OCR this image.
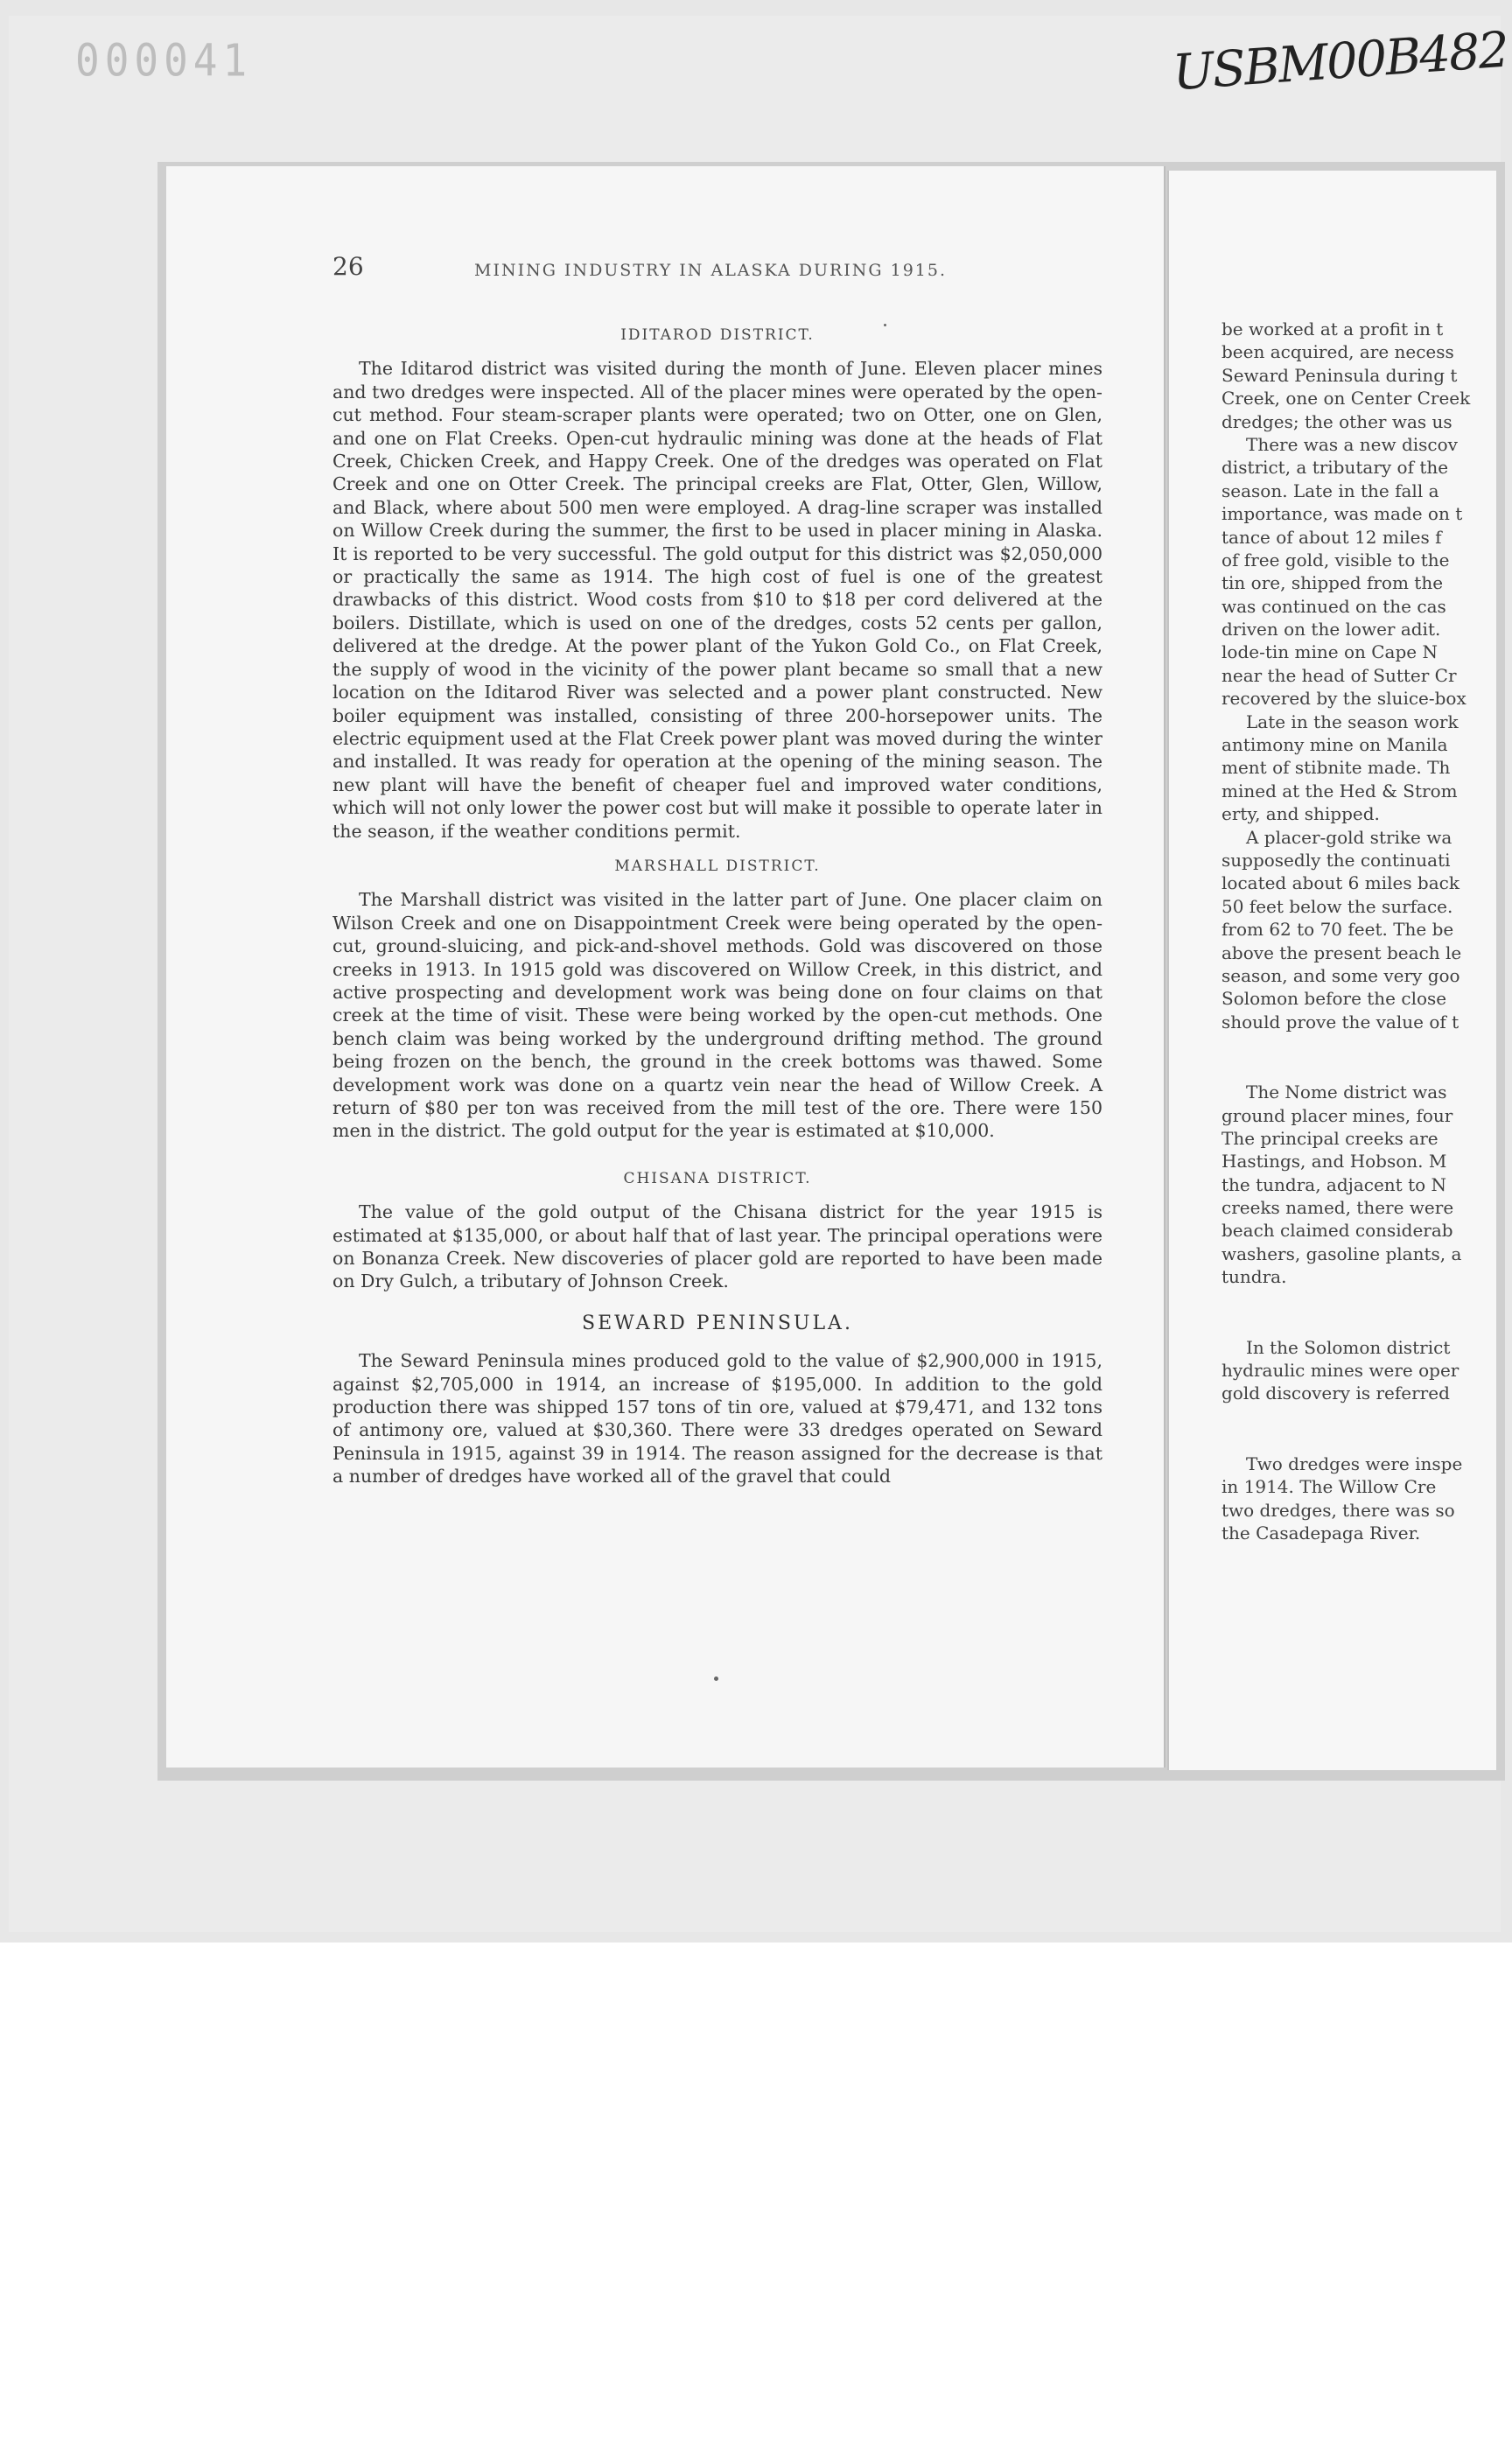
000041	USBM00B482
26	MINING INDUSTRY IN ALASKA DURING 1915.
IDITAROD DISTRICT.

The Iditarod district was visited during the month of June. Eleven placer mines and two dredges were inspected. All of the placer mines were operated by the open-cut method. Four steam-scraper plants were operated; two on Otter, one on Glen, and one on Flat Creeks. Open-cut hydraulic mining was done at the heads of Flat Creek, Chicken Creek, and Happy Creek. One of the dredges was operated on Flat Creek and one on Otter Creek. The principal creeks are Flat, Otter, Glen, Willow, and Black, where about 500 men were employed. A drag-line scraper was installed on Willow Creek during the summer, the first to be used in placer mining in Alaska. It is reported to be very successful. The gold output for this district was $2,050,000 or practically the same as 1914. The high cost of fuel is one of the greatest drawbacks of this district. Wood costs from $10 to $18 per cord delivered at the boilers. Distillate, which is used on one of the dredges, costs 52 cents per gallon, delivered at the dredge. At the power plant of the Yukon Gold Co., on Flat Creek, the supply of wood in the vicinity of the power plant became so small that a new location on the Iditarod River was selected and a power plant constructed. New boiler equipment was installed, consisting of three 200-horsepower units. The electric equipment used at the Flat Creek power plant was moved during the winter and installed. It was ready for operation at the opening of the mining season. The new plant will have the benefit of cheaper fuel and improved water conditions, which will not only lower the power cost but will make it possible to operate later in the season, if the weather conditions permit.

MARSHALL DISTRICT.

The Marshall district was visited in the latter part of June. One placer claim on Wilson Creek and one on Disappointment Creek were being operated by the open-cut, ground-sluicing, and pick-and-shovel methods. Gold was discovered on those creeks in 1913. In 1915 gold was discovered on Willow Creek, in this district, and active prospecting and development work was being done on four claims on that creek at the time of visit. These were being worked by the open-cut methods. One bench claim was being worked by the underground drifting method. The ground being frozen on the bench, the ground in the creek bottoms was thawed. Some development work was done on a quartz vein near the head of Willow Creek. A return of $80 per ton was received from the mill test of the ore. There were 150 men in the district. The gold output for the year is estimated at $10,000.

CHISANA DISTRICT.

The value of the gold output of the Chisana district for the year 1915 is estimated at $135,000, or about half that of last year. The principal operations were on Bonanza Creek. New discoveries of placer gold are reported to have been made on Dry Gulch, a tributary of Johnson Creek.

SEWARD PENINSULA.

The Seward Peninsula mines produced gold to the value of $2,900,000 in 1915, against $2,705,000 in 1914, an increase of $195,000. In addition to the gold production there was shipped 157 tons of tin ore, valued at $79,471, and 132 tons of antimony ore, valued at $30,360. There were 33 dredges operated on Seward Peninsula in 1915, against 39 in 1914. The reason assigned for the decrease is that a number of dredges have worked all of the gravel that could

be worked at a profit in t
been acquired, are necess
Seward Peninsula during t
Creek, one on Center Creek
dredges; the other was us
There was a new discov
district, a tributary of the
season. Late in the fall a
importance, was made on t
tance of about 12 miles f
of free gold, visible to the
tin ore, shipped from the
was continued on the cas
driven on the lower adit.
lode-tin mine on Cape N
near the head of Sutter Cr
recovered by the sluice-box
Late in the season work
antimony mine on Manila
ment of stibnite made. Th
mined at the Hed & Strom
erty, and shipped.
A placer-gold strike wa
supposedly the continuati
located about 6 miles back
50 feet below the surface.
from 62 to 70 feet. The be
above the present beach le
season, and some very goo
Solomon before the close
should prove the value of t
The Nome district was
ground placer mines, four
The principal creeks are
Hastings, and Hobson. M
the tundra, adjacent to N
creeks named, there were
beach claimed considerab
washers, gasoline plants, a
tundra.
In the Solomon district
hydraulic mines were oper
gold discovery is referred
Two dredges were inspe
in 1914. The Willow Cre
two dredges, there was so
the Casadepaga River.
